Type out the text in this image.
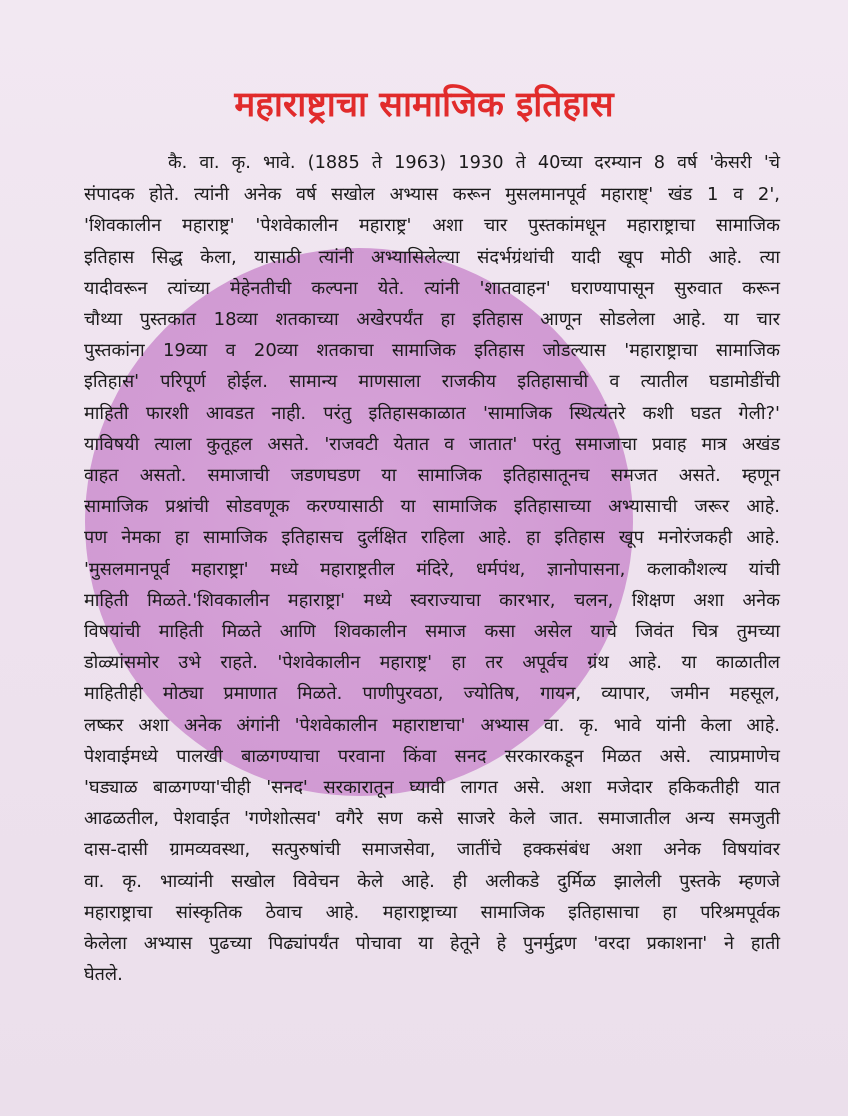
महाराष्ट्राचा सामाजिक इतिहास
कै. वा. कृ. भावे. (1885 ते 1963) 1930 ते 40च्या दरम्यान 8 वर्ष 'केसरी 'चे
संपादक होते. त्यांनी अनेक वर्ष सखोल अभ्यास करून मुसलमानपूर्व महाराष्ट्' खंड 1 व 2',
'शिवकालीन महाराष्ट्र' 'पेशवेकालीन महाराष्ट्र' अशा चार पुस्तकांमधून महाराष्ट्राचा सामाजिक
इतिहास सिद्ध केला, यासाठी त्यांनी अभ्यासिलेल्या संदर्भग्रंथांची यादी खूप मोठी आहे. त्या
यादीवरून त्यांच्या मेहेनतीची कल्पना येते. त्यांनी 'शातवाहन' घराण्यापासून सुरुवात करून
चौथ्या पुस्तकात 18व्या शतकाच्या अखेरपर्यंत हा इतिहास आणून सोडलेला आहे. या चार
पुस्तकांना 19व्या व 20व्या शतकाचा सामाजिक इतिहास जोडल्यास 'महाराष्ट्राचा सामाजिक
इतिहास' परिपूर्ण होईल. सामान्य माणसाला राजकीय इतिहासाची व त्यातील घडामोडींची
माहिती फारशी आवडत नाही. परंतु इतिहासकाळात 'सामाजिक स्थित्यंतरे कशी घडत गेली?'
याविषयी त्याला कुतूहल असते. 'राजवटी येतात व जातात' परंतु समाजाचा प्रवाह मात्र अखंड
वाहत असतो. समाजाची जडणघडण या सामाजिक इतिहासातूनच समजत असते. म्हणून
सामाजिक प्रश्नांची सोडवणूक करण्यासाठी या सामाजिक इतिहासाच्या अभ्यासाची जरूर आहे.
पण नेमका हा सामाजिक इतिहासच दुर्लक्षित राहिला आहे. हा इतिहास खूप मनोरंजकही आहे.
'मुसलमानपूर्व महाराष्ट्रा' मध्ये महाराष्ट्रतील मंदिरे, धर्मपंथ, ज्ञानोपासना, कलाकौशल्य यांची
माहिती मिळते.'शिवकालीन महाराष्ट्रा' मध्ये स्वराज्याचा कारभार, चलन, शिक्षण अशा अनेक
विषयांची माहिती मिळते आणि शिवकालीन समाज कसा असेल याचे जिवंत चित्र तुमच्या
डोळ्यांसमोर उभे राहते. 'पेशवेकालीन महाराष्ट्र' हा तर अपूर्वच ग्रंथ आहे. या काळातील
माहितीही मोठ्या प्रमाणात मिळते. पाणीपुरवठा, ज्योतिष, गायन, व्यापार, जमीन महसूल,
लष्कर अशा अनेक अंगांनी 'पेशवेकालीन महाराष्टाचा' अभ्यास वा. कृ. भावे यांनी केला आहे.
पेशवाईमध्ये पालखी बाळगण्याचा परवाना किंवा सनद सरकारकडून मिळत असे. त्याप्रमाणेच
'घड्याळ बाळगण्या'चीही 'सनद' सरकारातून घ्यावी लागत असे. अशा मजेदार हकिकतीही यात
आढळतील, पेशवाईत 'गणेशोत्सव' वगैरे सण कसे साजरे केले जात. समाजातील अन्य समजुती
दास-दासी ग्रामव्यवस्था, सत्पुरुषांची समाजसेवा, जातींचे हक्कसंबंध अशा अनेक विषयांवर
वा. कृ. भाव्यांनी सखोल विवेचन केले आहे. ही अलीकडे दुर्मिळ झालेली पुस्तके म्हणजे
महाराष्ट्राचा सांस्कृतिक ठेवाच आहे. महाराष्ट्राच्या सामाजिक इतिहासाचा हा परिश्रमपूर्वक
केलेला अभ्यास पुढच्या पिढ्यांपर्यंत पोचावा या हेतूने हे पुनर्मुद्रण 'वरदा प्रकाशना' ने हाती
घेतले.
